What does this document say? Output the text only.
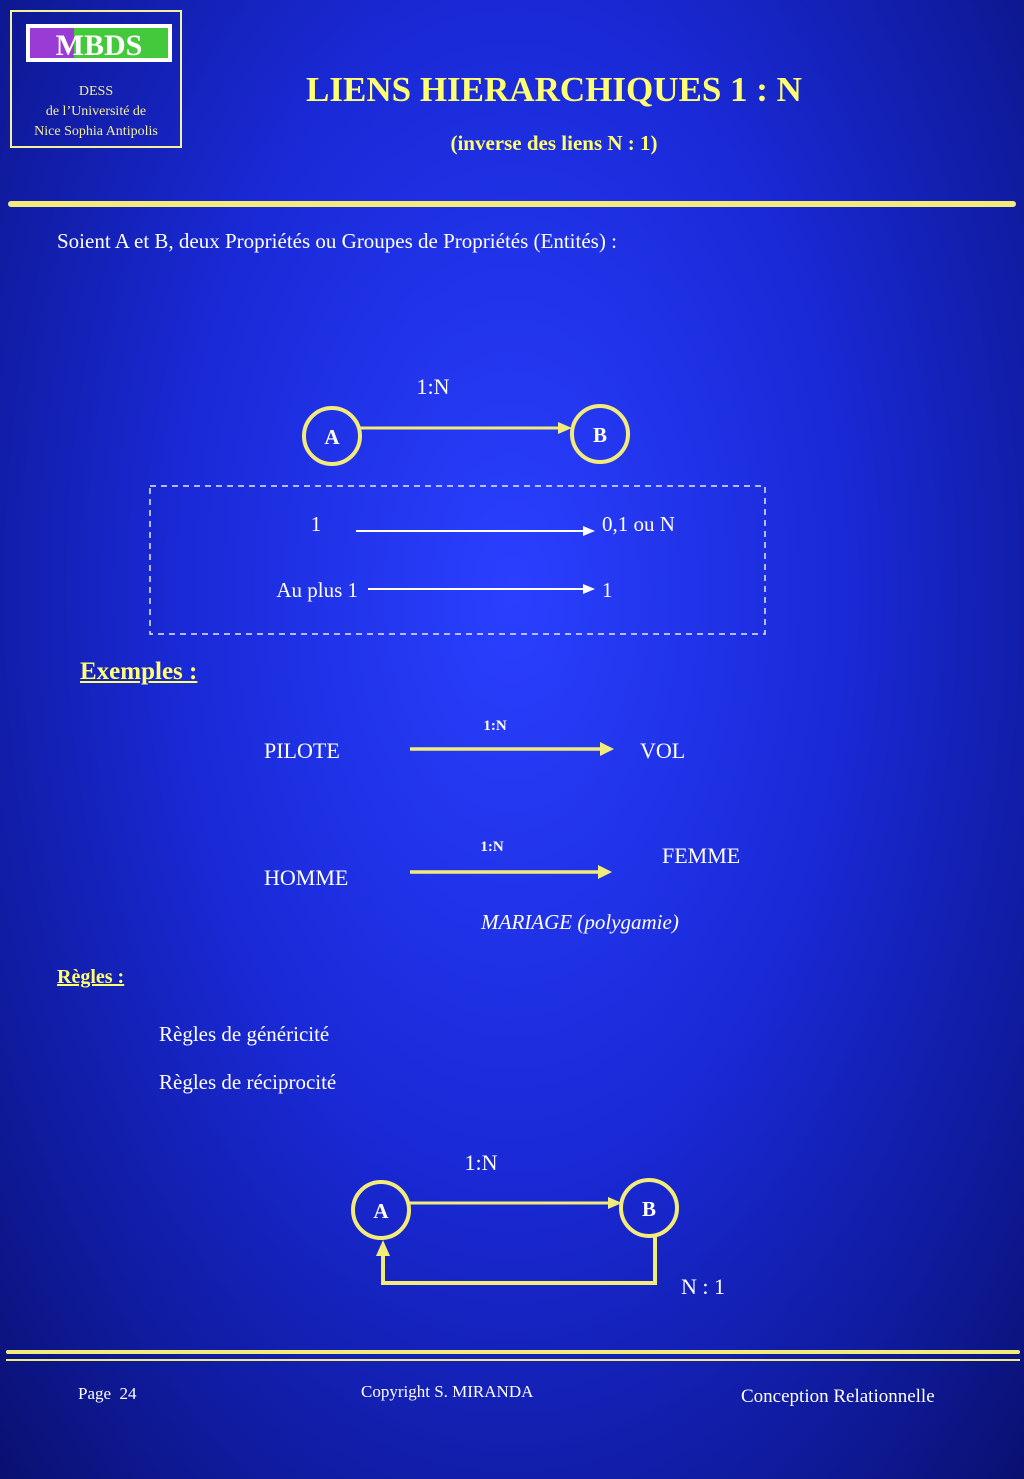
MBDS
DESS
de l’Université de
Nice Sophia Antipolis
LIENS HIERARCHIQUES 1 : N
(inverse des liens N : 1)
Soient A et B, deux Propriétés ou Groupes de Propriétés (Entités) :
1:N
A	B
1	0,1 ou N
Au plus 1	1
Exemples :
1:N
PILOTE	VOL
1:N	FEMME
HOMME
MARIAGE (polygamie)
Règles :
Règles de généricité
Règles de réciprocité
1:N
A	B
N : 1
Page  24	Copyright S. MIRANDA	Conception Relationnelle
